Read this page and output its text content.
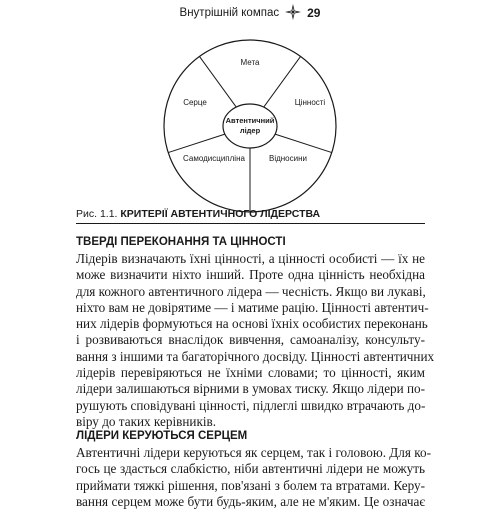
Внутрішній компас 29
Автентичний
лідер
Мета
Цінності
Відносини
Самодисципліна
Серце
Рис. 1.1. КРИТЕРІЇ АВТЕНТИЧНОГО ЛІДЕРСТВА
ТВЕРДІ ПЕРЕКОНАННЯ ТА ЦІННОСТІ
Лідерів визначають їхні цінності, а цінності особисті — їх не
може визначити ніхто інший. Проте одна цінність необхідна
для кожного автентичного лідера — чесність. Якщо ви лукаві,
ніхто вам не довірятиме — і матиме рацію. Цінності автентич-
них лідерів формуються на основі їхніх особистих переконань
і розвиваються внаслідок вивчення, самоаналізу, консульту-
вання з іншими та багаторічного досвіду. Цінності автентичних
лідерів перевіряються не їхніми словами; то цінності, яким
лідери залишаються вірними в умовах тиску. Якщо лідери по-
рушують сповідувані цінності, підлеглі швидко втрачають до-
віру до таких керівників.
ЛІДЕРИ КЕРУЮТЬСЯ СЕРЦЕМ
Автентичні лідери керуються як серцем, так і головою. Для ко-
гось це здасться слабкістю, ніби автентичні лідери не можуть
приймати тяжкі рішення, пов'язані з болем та втратами. Керу-
вання серцем може бути будь-яким, але не м'яким. Це означає
